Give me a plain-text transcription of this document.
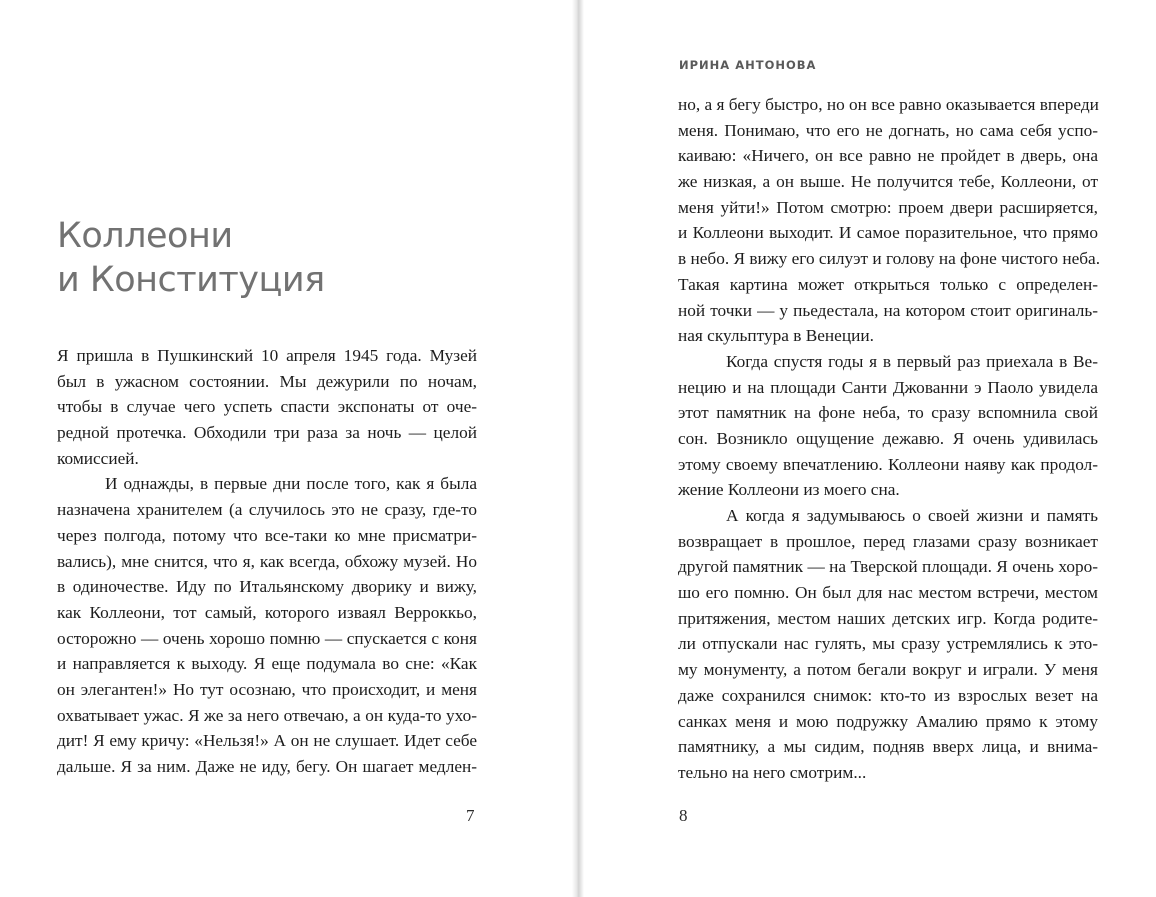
Коллеони
и Конституция
Я пришла в Пушкинский 10 апреля 1945 года. Музей
был в ужасном состоянии. Мы дежурили по ночам,
чтобы в случае чего успеть спасти экспонаты от оче-
редной протечка. Обходили три раза за ночь — целой
комиссией.
И однажды, в первые дни после того, как я была
назначена хранителем (а случилось это не сразу, где-то
через полгода, потому что все-таки ко мне присматри-
вались), мне снится, что я, как всегда, обхожу музей. Но
в одиночестве. Иду по Итальянскому дворику и вижу,
как Коллеони, тот самый, которого изваял Верроккьо,
осторожно — очень хорошо помню — спускается с коня
и направляется к выходу. Я еще подумала во сне: «Как
он элегантен!» Но тут осознаю, что происходит, и меня
охватывает ужас. Я же за него отвечаю, а он куда-то ухо-
дит! Я ему кричу: «Нельзя!» А он не слушает. Идет себе
дальше. Я за ним. Даже не иду, бегу. Он шагает медлен-
7
ИРИНА АНТОНОВА
но, а я бегу быстро, но он все равно оказывается впереди
меня. Понимаю, что его не догнать, но сама себя успо-
каиваю: «Ничего, он все равно не пройдет в дверь, она
же низкая, а он выше. Не получится тебе, Коллеони, от
меня уйти!» Потом смотрю: проем двери расширяется,
и Коллеони выходит. И самое поразительное, что прямо
в небо. Я вижу его силуэт и голову на фоне чистого неба.
Такая картина может открыться только с определен-
ной точки — у пьедестала, на котором стоит оригиналь-
ная скульптура в Венеции.
Когда спустя годы я в первый раз приехала в Ве-
нецию и на площади Санти Джованни э Паоло увидела
этот памятник на фоне неба, то сразу вспомнила свой
сон. Возникло ощущение дежавю. Я очень удивилась
этому своему впечатлению. Коллеони наяву как продол-
жение Коллеони из моего сна.
А когда я задумываюсь о своей жизни и память
возвращает в прошлое, перед глазами сразу возникает
другой памятник — на Тверской площади. Я очень хоро-
шо его помню. Он был для нас местом встречи, местом
притяжения, местом наших детских игр. Когда родите-
ли отпускали нас гулять, мы сразу устремлялись к это-
му монументу, а потом бегали вокруг и играли. У меня
даже сохранился снимок: кто-то из взрослых везет на
санках меня и мою подружку Амалию прямо к этому
памятнику, а мы сидим, подняв вверх лица, и внима-
тельно на него смотрим...
8
